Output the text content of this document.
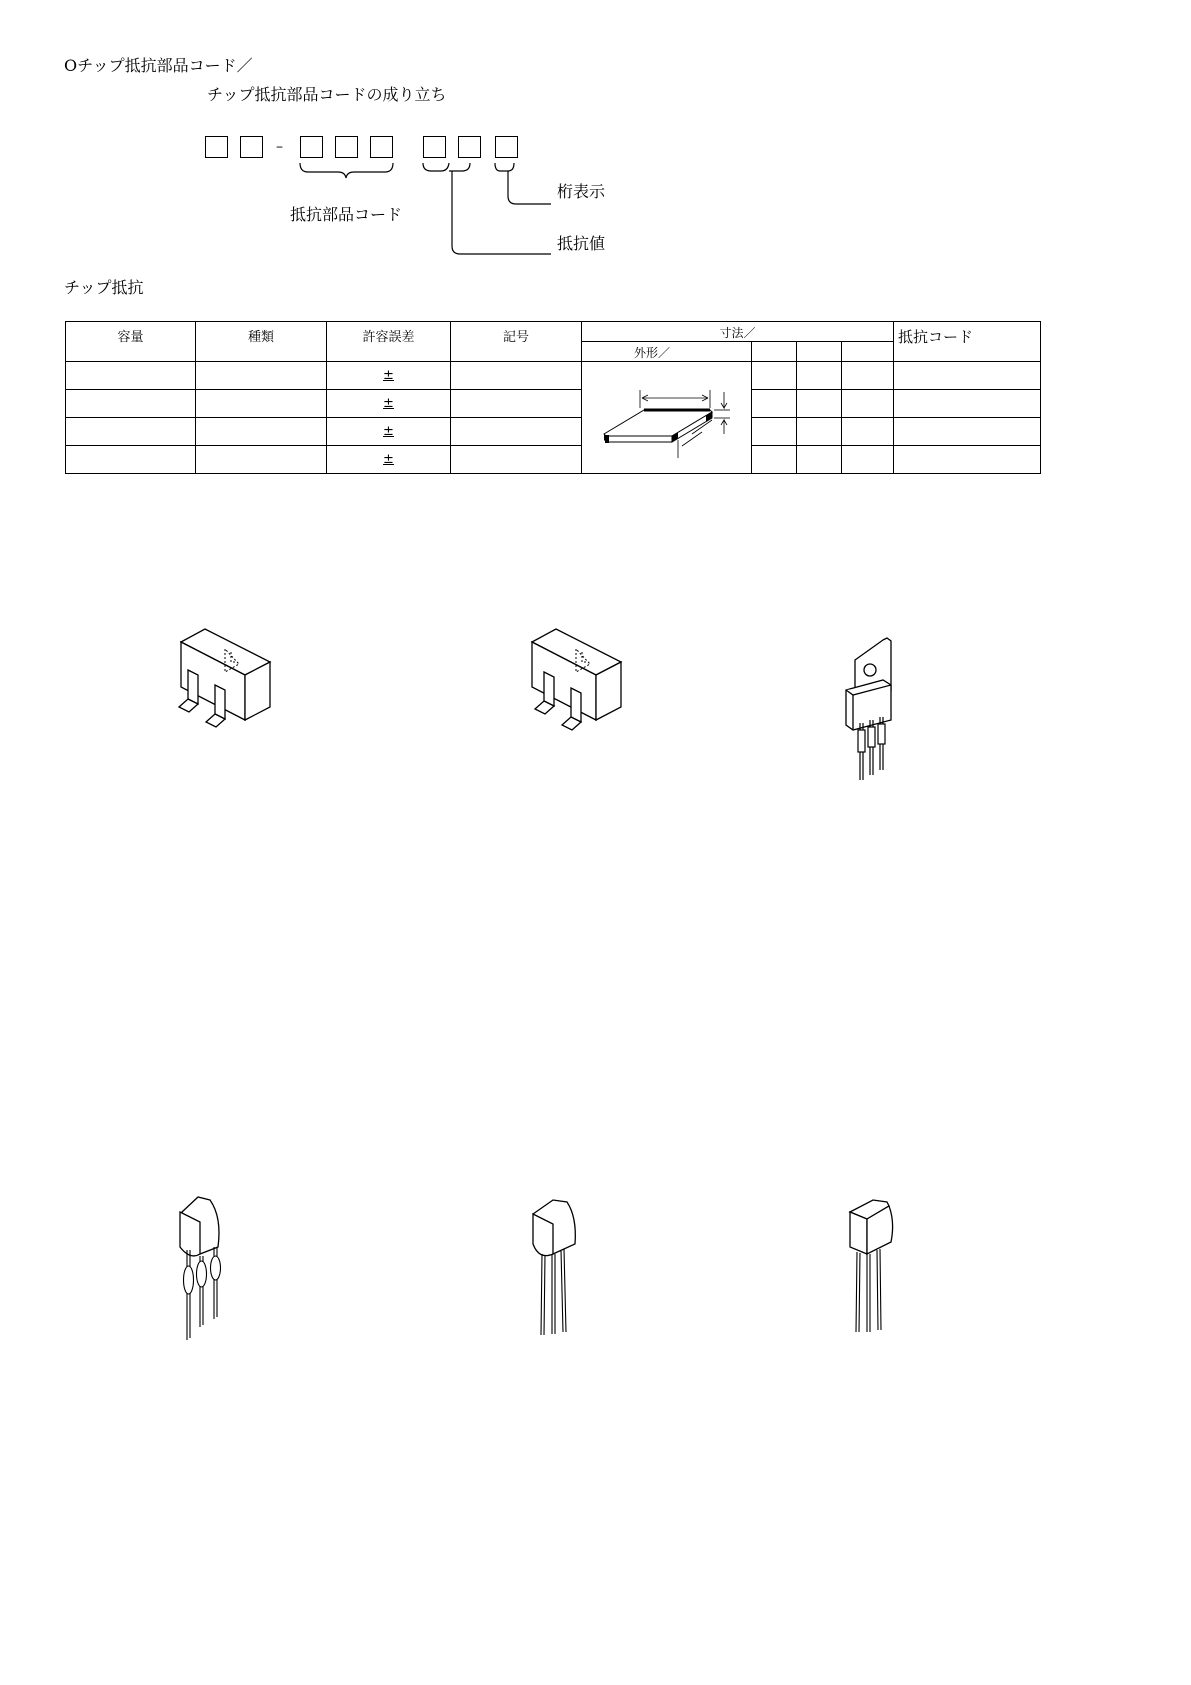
Oチップ抵抗部品コード／
チップ抵抗部品コードの成り立ち
–
抵抗部品コード
桁表示
抵抗値
チップ抵抗
容量	種類	許容誤差	記号	寸法／				抵抗コード
				外形／				
		±		

		±						
		±						
		±						
